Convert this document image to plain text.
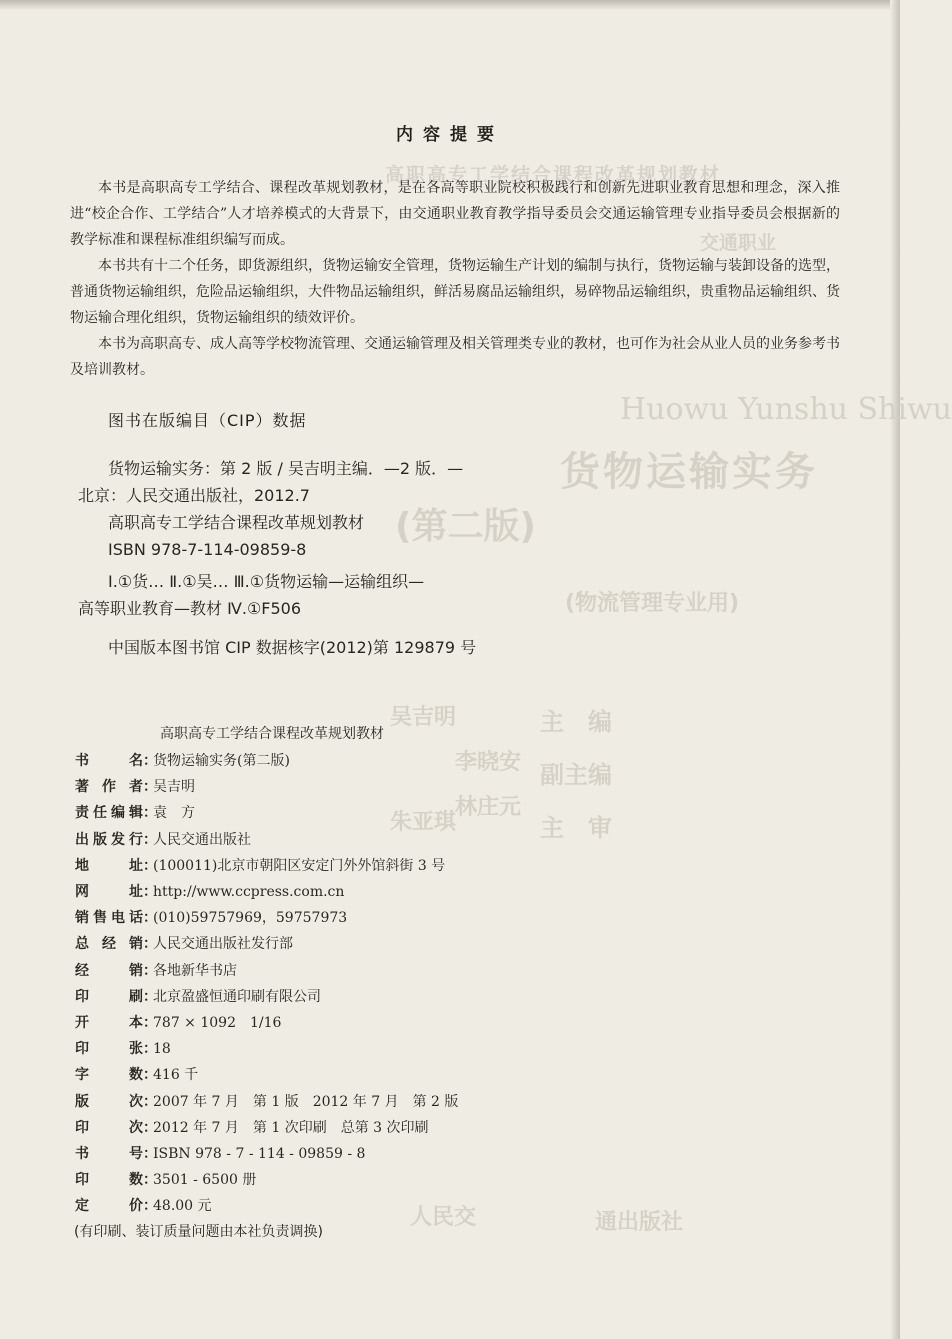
高职高专工学结合课程改革规划教材
交通职业
Huowu Yunshu Shiwu
货物运输实务
(第二版)
(物流管理专业用)
吴吉明	主　编
李晓安 副主编
林庄元
朱亚琪	主　审
人民交	通出版社
内容提要

本书是高职高专工学结合、课程改革规划教材，是在各高等职业院校积极践行和创新先进职业教育思想和理念，深入推进“校企合作、工学结合”人才培养模式的大背景下，由交通职业教育教学指导委员会交通运输管理专业指导委员会根据新的教学标准和课程标准组织编写而成。

本书共有十二个任务，即货源组织，货物运输安全管理，货物运输生产计划的编制与执行，货物运输与装卸设备的选型，普通货物运输组织，危险品运输组织，大件物品运输组织，鲜活易腐品运输组织，易碎物品运输组织，贵重物品运输组织、货物运输合理化组织，货物运输组织的绩效评价。

本书为高职高专、成人高等学校物流管理、交通运输管理及相关管理类专业的教材，也可作为社会从业人员的业务参考书及培训教材。

图书在版编目（CIP）数据
货物运输实务：第 2 版 / 吴吉明主编．—2 版．—
北京：人民交通出版社，2012.7
高职高专工学结合课程改革规划教材
ISBN 978-7-114-09859-8
Ⅰ.①货… Ⅱ.①吴… Ⅲ.①货物运输—运输组织—
高等职业教育—教材 Ⅳ.①F506
中国版本图书馆 CIP 数据核字(2012)第 129879 号
高职高专工学结合课程改革规划教材
书	名 ：
货物运输实务(第二版)
著 作 者 ：
吴吉明
责 任 编 辑 ：
袁　方
出 版 发 行 ：
人民交通出版社
地	址 ：
(100011)北京市朝阳区安定门外外馆斜街 3 号
网	址 ：
http://www.ccpress.com.cn
销 售 电 话 ：
(010)59757969，59757973
总 经 销 ：
人民交通出版社发行部
经	销 ：
各地新华书店
印	刷 ：
北京盈盛恒通印刷有限公司
开	本 ：
787 × 1092　1/16
印	张 ：
18
字	数 ：
416 千
版	次 ：
2007 年 7 月　第 1 版　2012 年 7 月　第 2 版
印	次 ：
2012 年 7 月　第 1 次印刷　总第 3 次印刷
书	号 ：
ISBN 978 - 7 - 114 - 09859 - 8
印	数 ：
3501 - 6500 册
定	价 ：
48.00 元
(有印刷、装订质量问题由本社负责调换)
